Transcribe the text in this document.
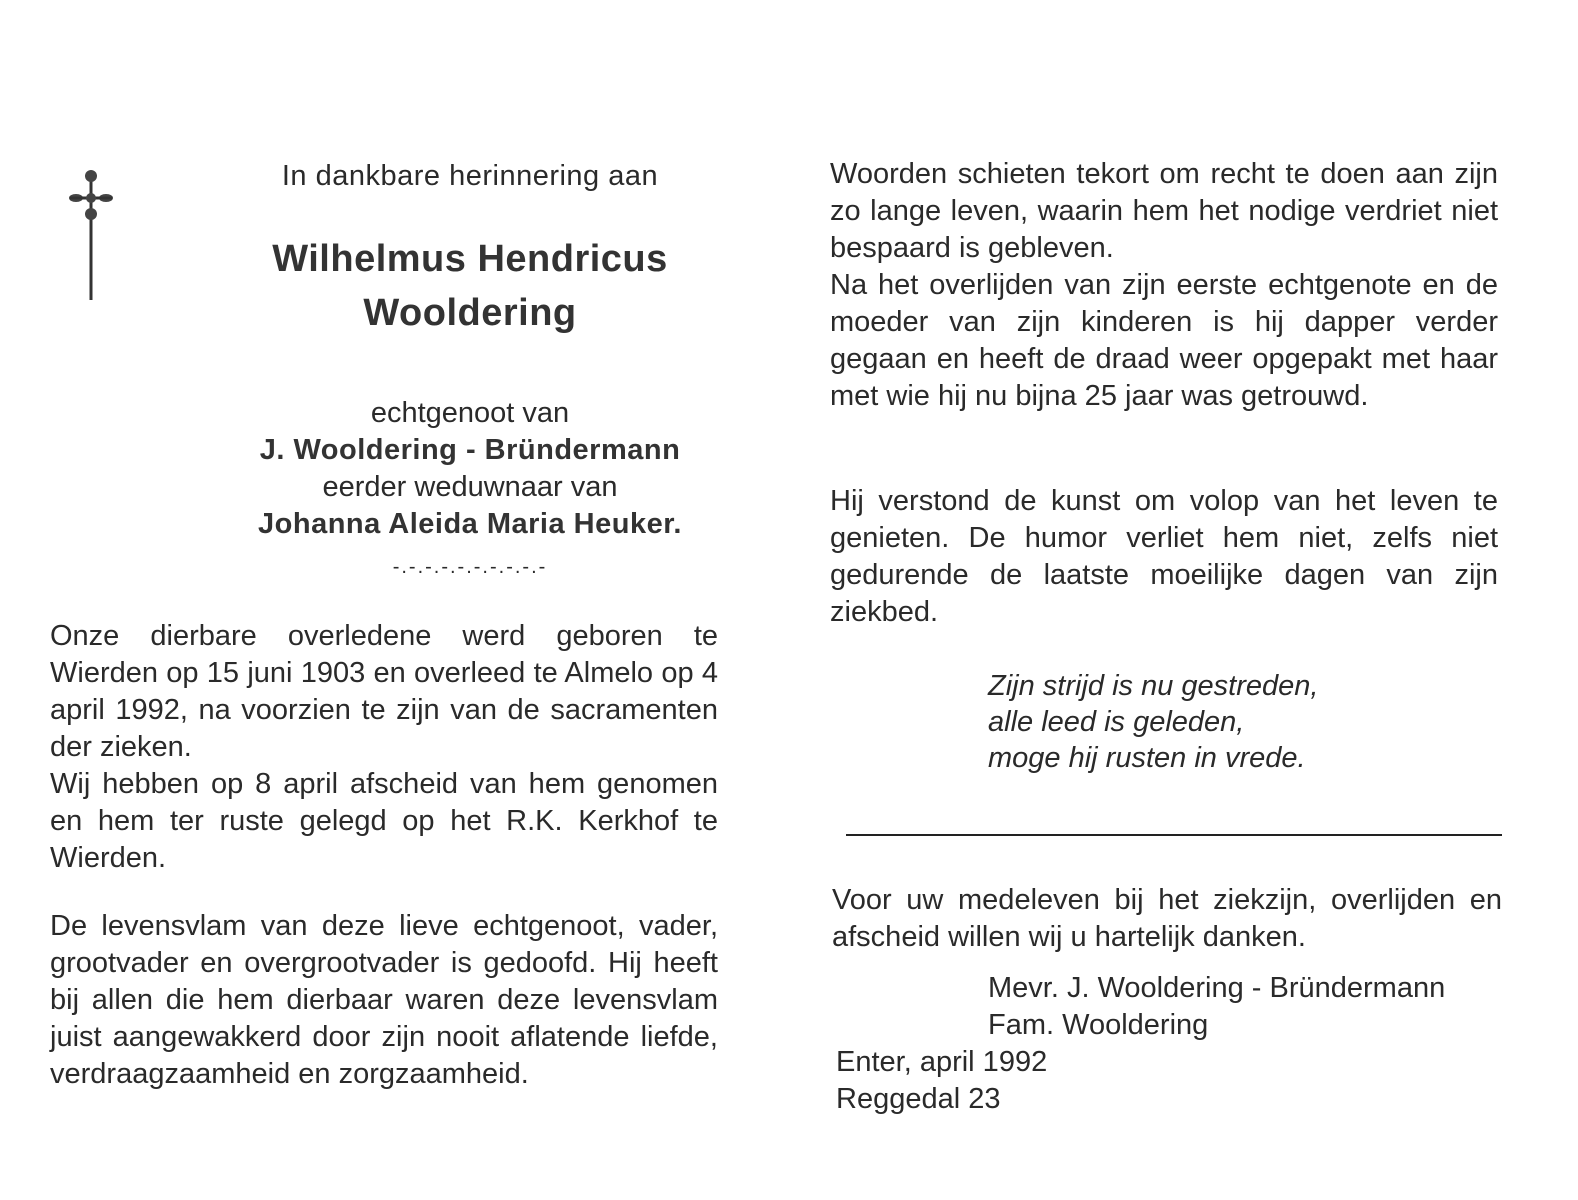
In dankbare herinnering aan
Wilhelmus Hendricus
Wooldering
echtgenoot van
J. Wooldering - Bründermann
eerder weduwnaar van
Johanna Aleida Maria Heuker.
-.-.-.-.-.-.-.-.-.-
Onze dierbare overledene werd geboren te Wierden op 15 juni 1903 en overleed te Almelo op 4 april 1992, na voorzien te zijn van de sacramenten der zieken.
Wij hebben op 8 april afscheid van hem genomen en hem ter ruste gelegd op het R.K. Kerkhof te Wierden.
De levensvlam van deze lieve echtgenoot, vader, grootvader en overgrootvader is gedoofd. Hij heeft bij allen die hem dierbaar waren deze levensvlam juist aangewakkerd door zijn nooit aflatende liefde, verdraagzaamheid en zorgzaamheid.
Woorden schieten tekort om recht te doen aan zijn zo lange leven, waarin hem het nodige verdriet niet bespaard is gebleven.
Na het overlijden van zijn eerste echtgenote en de moeder van zijn kinderen is hij dapper verder gegaan en heeft de draad weer opgepakt met haar met wie hij nu bijna 25 jaar was getrouwd.
Hij verstond de kunst om volop van het leven te genieten. De humor verliet hem niet, zelfs niet gedurende de laatste moeilijke dagen van zijn ziekbed.
Zijn strijd is nu gestreden,
alle leed is geleden,
moge hij rusten in vrede.
Voor uw medeleven bij het ziekzijn, overlijden en afscheid willen wij u hartelijk danken.
Mevr. J. Wooldering - Bründermann
Fam. Wooldering
Enter, april 1992
Reggedal 23
